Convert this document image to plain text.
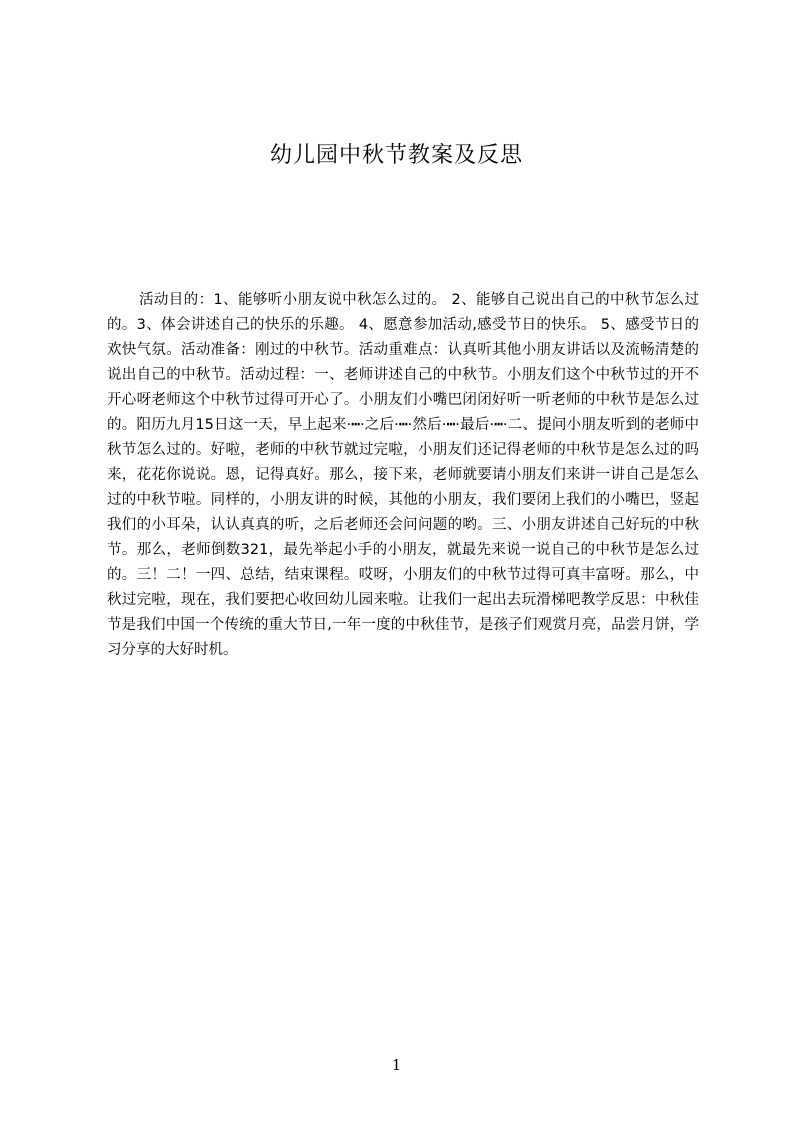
幼儿园中秋节教案及反思

活动目的：1、能够听小朋友说中秋怎么过的。 2、能够自己说出自己的中秋节怎么过的。3、体会讲述自己的快乐的乐趣。 4、愿意参加活动,感受节日的快乐。 5、感受节日的欢快气氛。活动准备：刚过的中秋节。活动重难点：认真听其他小朋友讲话以及流畅清楚的说出自己的中秋节。活动过程：一、老师讲述自己的中秋节。小朋友们这个中秋节过的开不开心呀老师这个中秋节过得可开心了。小朋友们小嘴巴闭闭好听一听老师的中秋节是怎么过的。阳历九月15日这一天，早上起来·┅·之后·┅·然后·┅·最后·┅·二、提问小朋友听到的老师中秋节怎么过的。好啦，老师的中秋节就过完啦，小朋友们还记得老师的中秋节是怎么过的吗来，花花你说说。恩，记得真好。那么，接下来，老师就要请小朋友们来讲一讲自己是怎么过的中秋节啦。同样的，小朋友讲的时候，其他的小朋友，我们要闭上我们的小嘴巴，竖起我们的小耳朵，认认真真的听，之后老师还会问问题的哟。三、小朋友讲述自己好玩的中秋节。那么，老师倒数321，最先举起小手的小朋友，就最先来说一说自己的中秋节是怎么过的。三！二！一四、总结，结束课程。哎呀，小朋友们的中秋节过得可真丰富呀。那么，中秋过完啦，现在，我们要把心收回幼儿园来啦。让我们一起出去玩滑梯吧教学反思：中秋佳节是我们中国一个传统的重大节日,一年一度的中秋佳节，是孩子们观赏月亮，品尝月饼，学习分享的大好时机。

1
